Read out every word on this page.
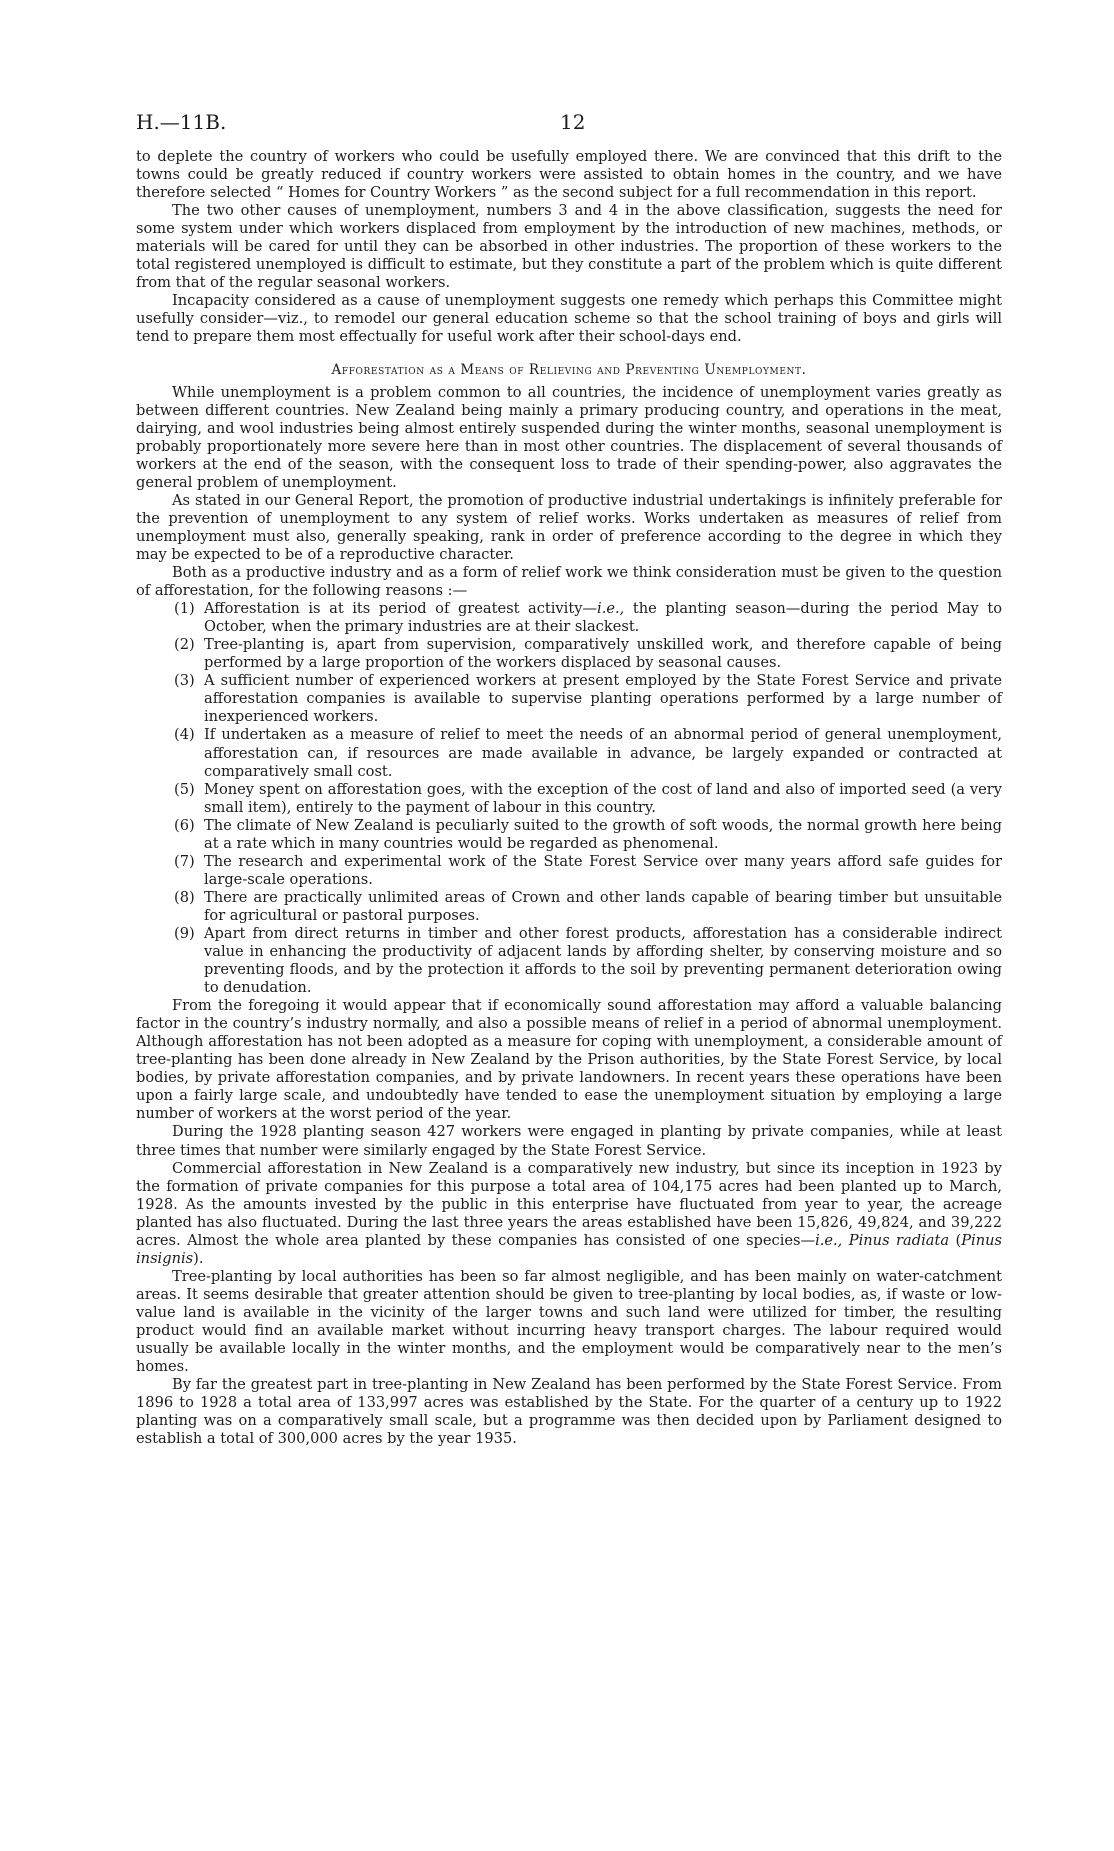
H.—11B.	12

to deplete the country of workers who could be usefully employed there. We are convinced that this drift to the towns could be greatly reduced if country workers were assisted to obtain homes in the country, and we have therefore selected “ Homes for Country Workers ” as the second subject for a full recommendation in this report.

The two other causes of unemployment, numbers 3 and 4 in the above classification, suggests the need for some system under which workers displaced from employment by the introduction of new machines, methods, or materials will be cared for until they can be absorbed in other industries. The proportion of these workers to the total registered unemployed is difficult to estimate, but they constitute a part of the problem which is quite different from that of the regular seasonal workers.

Incapacity considered as a cause of unemployment suggests one remedy which perhaps this Committee might usefully consider—viz., to remodel our general education scheme so that the school training of boys and girls will tend to prepare them most effectually for useful work after their school-days end.

Afforestation as a Means of Relieving and Preventing Unemployment.

While unemployment is a problem common to all countries, the incidence of unemployment varies greatly as between different countries. New Zealand being mainly a primary producing country, and operations in the meat, dairying, and wool industries being almost entirely suspended during the winter months, seasonal unemployment is probably proportionately more severe here than in most other countries. The displacement of several thousands of workers at the end of the season, with the consequent loss to trade of their spending-power, also aggravates the general problem of unemployment.

As stated in our General Report, the promotion of productive industrial undertakings is infinitely preferable for the prevention of unemployment to any system of relief works. Works undertaken as measures of relief from unemployment must also, generally speaking, rank in order of preference according to the degree in which they may be expected to be of a reproductive character.

Both as a productive industry and as a form of relief work we think consideration must be given to the question of afforestation, for the following reasons :—

(1) Afforestation is at its period of greatest activity—i.e., the planting season—during the period May to October, when the primary industries are at their slackest.
(2) Tree-planting is, apart from supervision, comparatively unskilled work, and therefore capable of being performed by a large proportion of the workers displaced by seasonal causes.
(3) A sufficient number of experienced workers at present employed by the State Forest Service and private afforestation companies is available to supervise planting operations performed by a large number of inexperienced workers.
(4) If undertaken as a measure of relief to meet the needs of an abnormal period of general unemployment, afforestation can, if resources are made available in advance, be largely expanded or contracted at comparatively small cost.
(5) Money spent on afforestation goes, with the exception of the cost of land and also of imported seed (a very small item), entirely to the payment of labour in this country.
(6) The climate of New Zealand is peculiarly suited to the growth of soft woods, the normal growth here being at a rate which in many countries would be regarded as phenomenal.
(7) The research and experimental work of the State Forest Service over many years afford safe guides for large-scale operations.
(8) There are practically unlimited areas of Crown and other lands capable of bearing timber but unsuitable for agricultural or pastoral purposes.
(9) Apart from direct returns in timber and other forest products, afforestation has a considerable indirect value in enhancing the productivity of adjacent lands by affording shelter, by conserving moisture and so preventing floods, and by the protection it affords to the soil by preventing permanent deterioration owing to denudation.

From the foregoing it would appear that if economically sound afforestation may afford a valuable balancing factor in the country’s industry normally, and also a possible means of relief in a period of abnormal unemployment. Although afforestation has not been adopted as a measure for coping with unemployment, a considerable amount of tree-planting has been done already in New Zealand by the Prison authorities, by the State Forest Service, by local bodies, by private afforestation companies, and by private landowners. In recent years these operations have been upon a fairly large scale, and undoubtedly have tended to ease the unemployment situation by employing a large number of workers at the worst period of the year.

During the 1928 planting season 427 workers were engaged in planting by private companies, while at least three times that number were similarly engaged by the State Forest Service.

Commercial afforestation in New Zealand is a comparatively new industry, but since its inception in 1923 by the formation of private companies for this purpose a total area of 104,175 acres had been planted up to March, 1928. As the amounts invested by the public in this enterprise have fluctuated from year to year, the acreage planted has also fluctuated. During the last three years the areas established have been 15,826, 49,824, and 39,222 acres. Almost the whole area planted by these companies has consisted of one species—i.e., Pinus radiata (Pinus insignis).

Tree-planting by local authorities has been so far almost negligible, and has been mainly on water-catchment areas. It seems desirable that greater attention should be given to tree-planting by local bodies, as, if waste or low-value land is available in the vicinity of the larger towns and such land were utilized for timber, the resulting product would find an available market without incurring heavy transport charges. The labour required would usually be available locally in the winter months, and the employment would be comparatively near to the men’s homes.

By far the greatest part in tree-planting in New Zealand has been performed by the State Forest Service. From 1896 to 1928 a total area of 133,997 acres was established by the State. For the quarter of a century up to 1922 planting was on a comparatively small scale, but a programme was then decided upon by Parliament designed to establish a total of 300,000 acres by the year 1935.
